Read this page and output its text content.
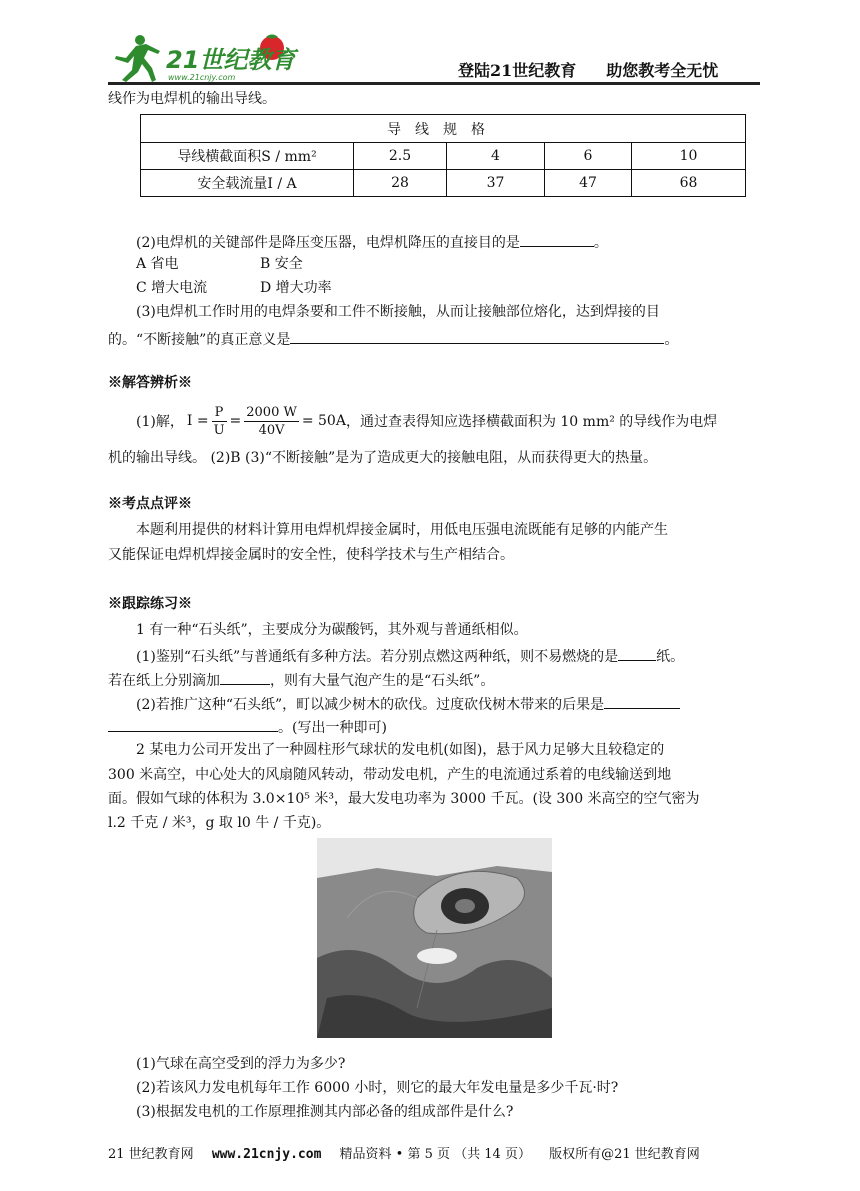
21世纪教育
www.21cnjy.com	登陆21世纪教育 助您教考全无忧
线作为电焊机的输出导线。
导线规格				
导线横截面积S / mm²	2.5	4	6	10
安全载流量I / A	28	37	47	68
(2)电焊机的关键部件是降压变压器，电焊机降压的直接目的是	。
A 省电	B 安全
C 增大电流	D 增大功率
(3)电焊机工作时用的电焊条要和工件不断接触，从而让接触部位熔化，达到焊接的目
的。“不断接触”的真正意义是	。
※解答辨析※
(1)解， $I = \frac{P}{U} = \frac{2000 W}{40V} = 50A$ ，通过查表得知应选择横截面积为 10 mm² 的导线作为电焊
机的输出导线。 (2)B (3)“不断接触”是为了造成更大的接触电阻，从而获得更大的热量。
※考点点评※
本题利用提供的材料计算用电焊机焊接金属时，用低电压强电流既能有足够的内能产生
又能保证电焊机焊接金属时的安全性，使科学技术与生产相结合。
※跟踪练习※
1 有一种“石头纸”，主要成分为碳酸钙，其外观与普通纸相似。
(1)鉴别“石头纸”与普通纸有多种方法。若分别点燃这两种纸，则不易燃烧的是	纸。
若在纸上分别滴加	，则有大量气泡产生的是“石头纸”。
(2)若推广这种“石头纸”，町以减少树木的砍伐。过度砍伐树木带来的后果是
。(写出一种即可)
2 某电力公司开发出了一种圆柱形气球状的发电机(如图)，悬于风力足够大且较稳定的
300 米高空，中心处大的风扇随风转动，带动发电机，产生的电流通过系着的电线输送到地
面。假如气球的体积为 3.0×10⁵ 米³，最大发电功率为 3000 千瓦。(设 300 米高空的空气密为
l.2 千克 / 米³，g 取 l0 牛 / 千克)。
(1)气球在高空受到的浮力为多少?
(2)若该风力发电机每年工作 6000 小时，则它的最大年发电量是多少千瓦·时?
(3)根据发电机的工作原理推测其内部必备的组成部件是什么?
21 世纪教育网 www.21cnjy.com 精品资料 • 第 5 页 （共 14 页） 版权所有@21 世纪教育网
